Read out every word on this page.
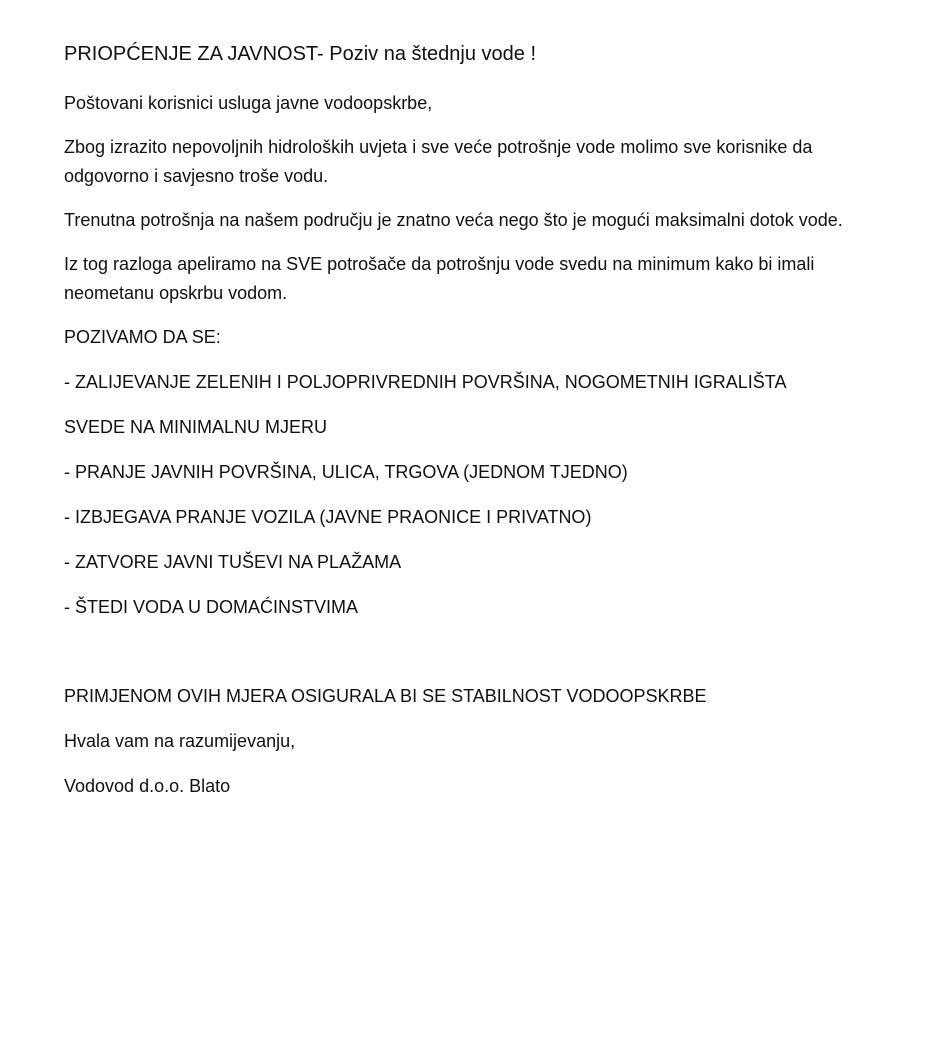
PRIOPĆENJE ZA JAVNOST- Poziv na štednju vode !
Poštovani korisnici usluga javne vodoopskrbe,
Zbog izrazito nepovoljnih hidroloških uvjeta i sve veće potrošnje vode molimo sve korisnike da odgovorno i savjesno troše vodu.
Trenutna potrošnja na našem području je znatno veća nego što je mogući maksimalni dotok vode.
Iz tog razloga apeliramo na SVE potrošače da potrošnju vode svedu na minimum kako bi imali neometanu opskrbu vodom.
POZIVAMO DA SE:
- ZALIJEVANJE ZELENIH I POLJOPRIVREDNIH POVRŠINA, NOGOMETNIH IGRALIŠTA
SVEDE NA MINIMALNU MJERU
- PRANJE JAVNIH POVRŠINA, ULICA, TRGOVA (JEDNOM TJEDNO)
- IZBJEGAVA PRANJE VOZILA (JAVNE PRAONICE I PRIVATNO)
- ZATVORE JAVNI TUŠEVI NA PLAŽAMA
- ŠTEDI VODA U DOMAĆINSTVIMA
PRIMJENOM OVIH MJERA OSIGURALA BI SE STABILNOST VODOOPSKRBE
Hvala vam na razumijevanju,
Vodovod d.o.o. Blato
